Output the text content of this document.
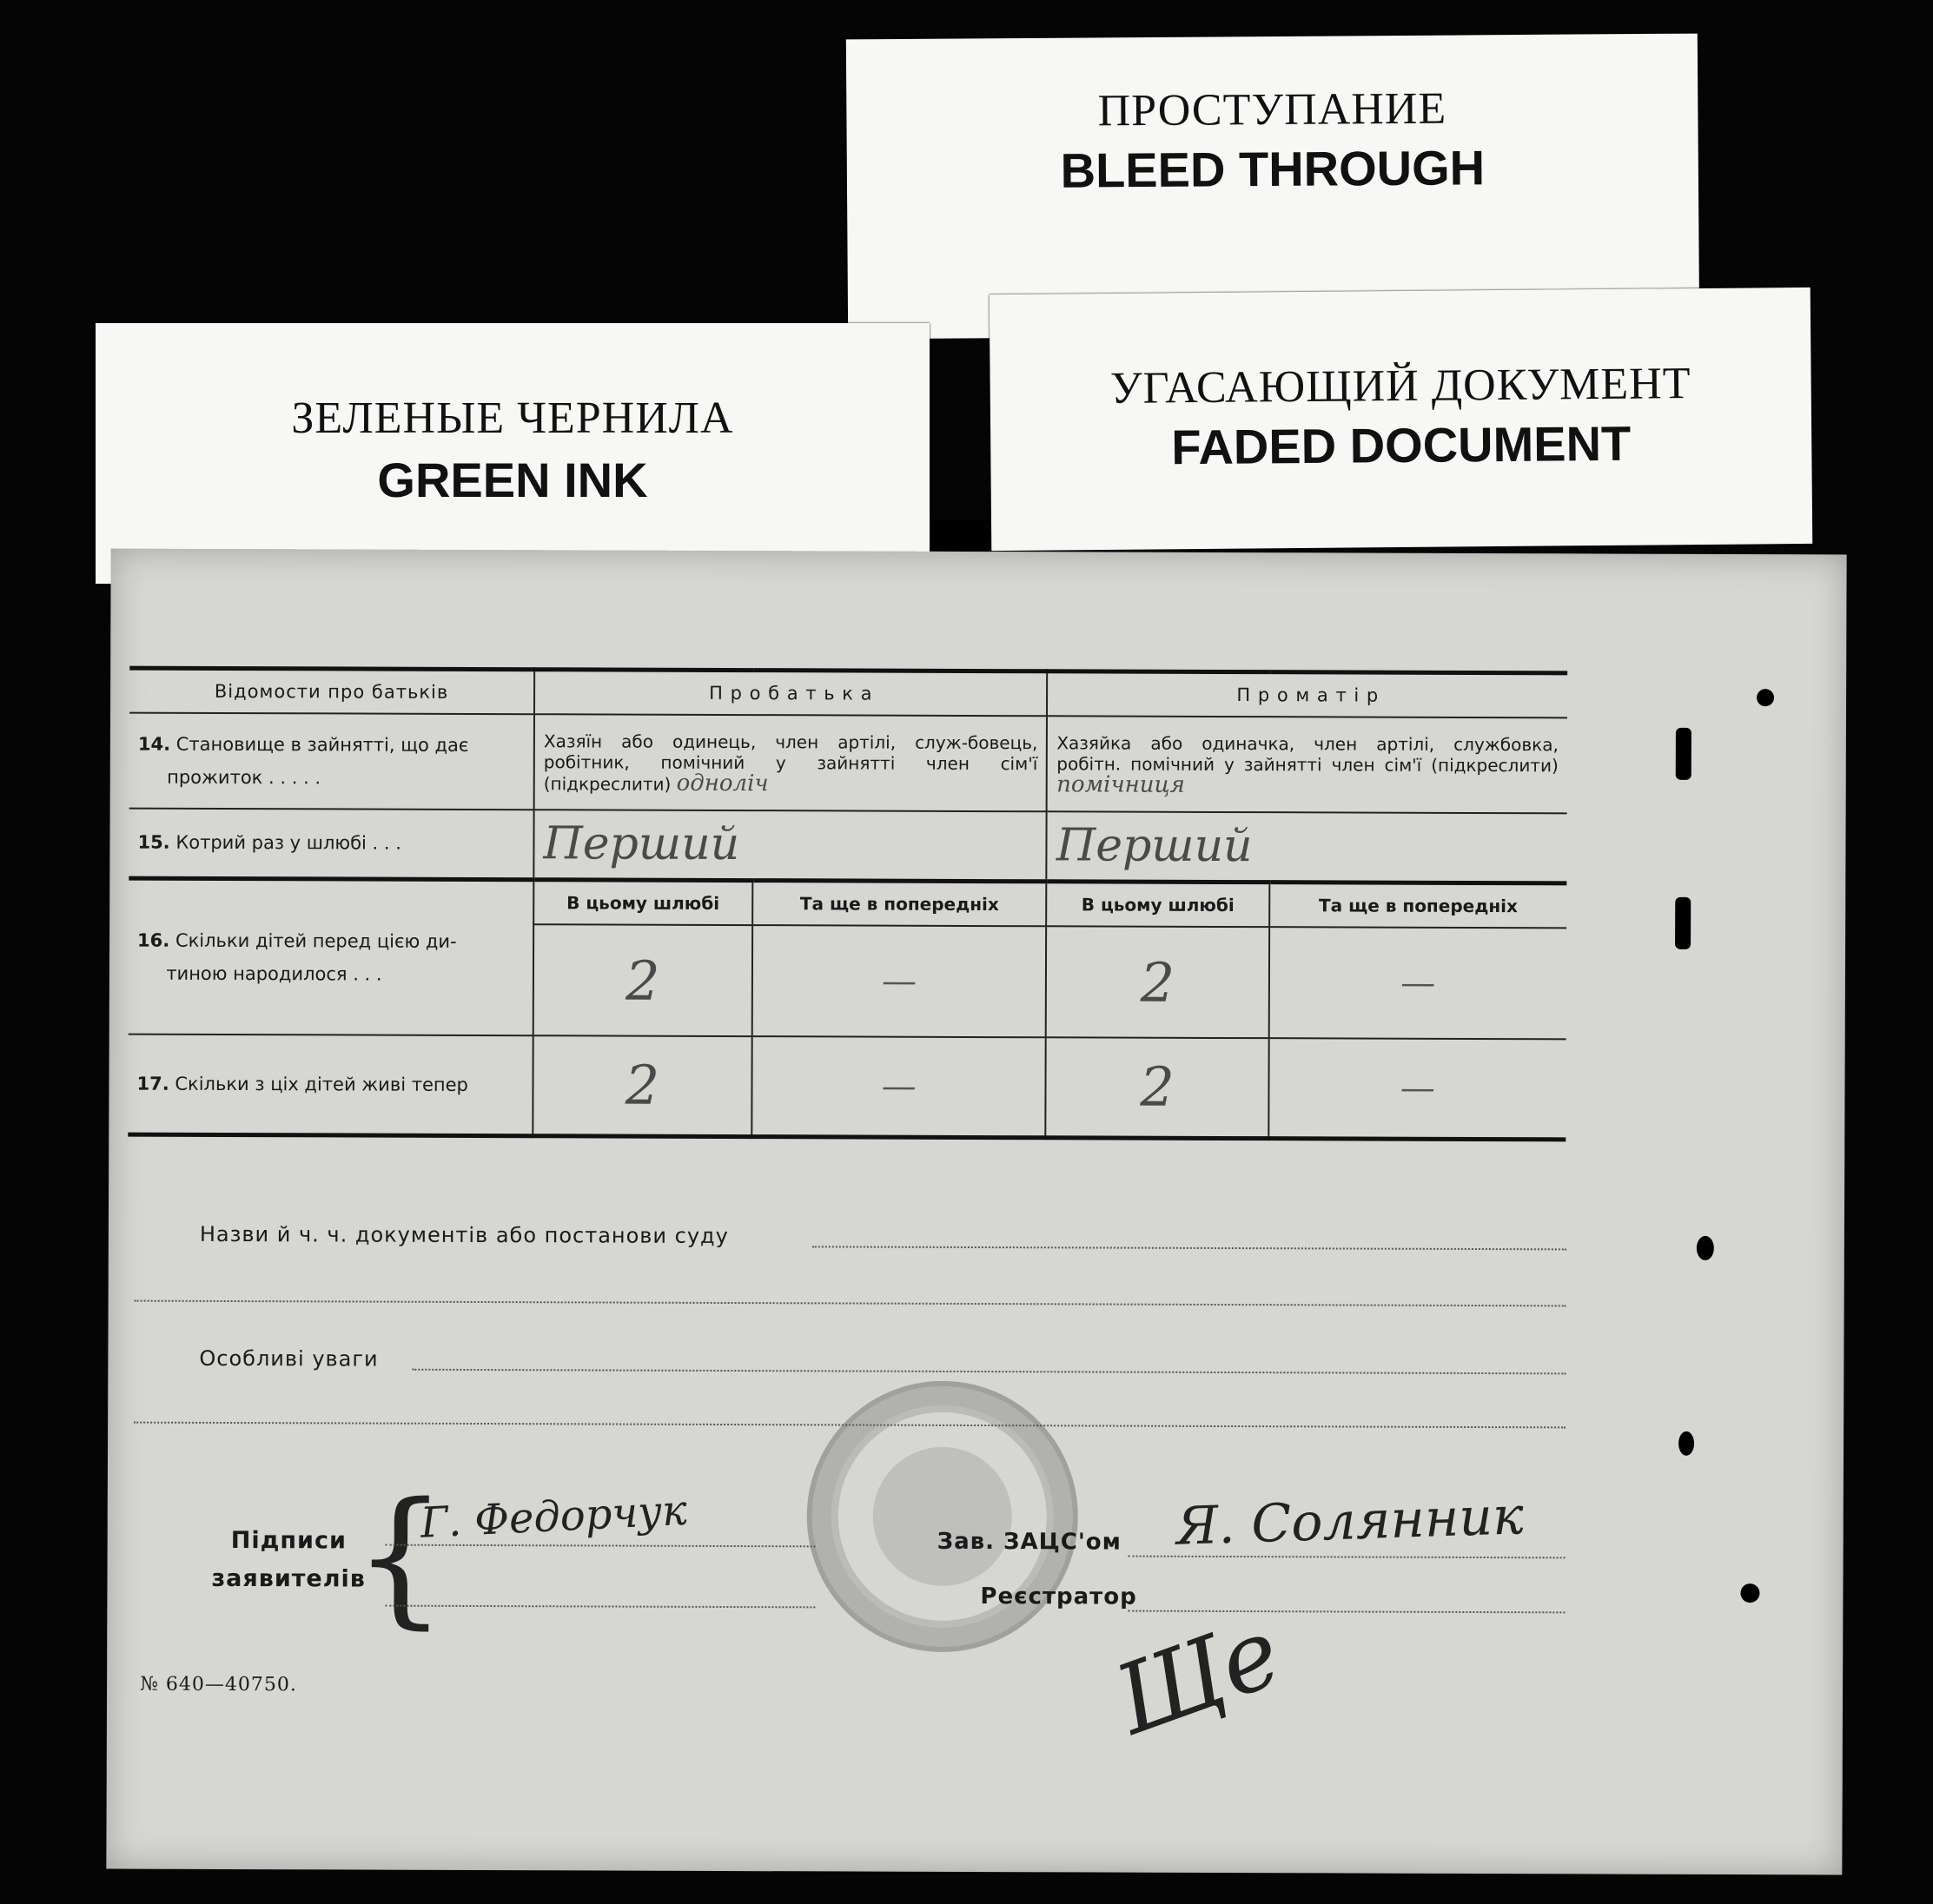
ПРОСТУПАНИЕ
BLEED THROUGH
ЗЕЛЕНЫЕ ЧЕРНИЛА
GREEN INK
УГАСАЮЩИЙ ДОКУМЕНТ
FADED DOCUMENT
Відомости про батьків	П р о б а т ь к а		П р о м а т і р	
14. Становище в зайнятті, що дає
прожиток . . . . .	Хазяїн або одинець, член артілі, служ-бовець, робітник, помічний у зайнятті член сім'ї (підкреслити) одноліч		Хазяйка або одиначка, член артілі, службовка, робітн. помічний у зайнятті член сім'ї (підкреслити) помічниця	
15. Котрий раз у шлюбі . . .	Перший		Перший	
16. Скільки дітей перед цією ди-
тиною народилося . . .	В цьому шлюбі	Та ще в попередніх	В цьому шлюбі	Та ще в попередніх
	2	—	2	—
17. Скільки з ціх дітей живі тепер	2	—	2	—
Назви й ч. ч. документів або постанови суду
Особливі уваги
Підписи
заявителів
{
Г. Федорчук	Зав. ЗАЦС'ом Я. Солянник
Реєстратор
Ще
№ 640—40750.
